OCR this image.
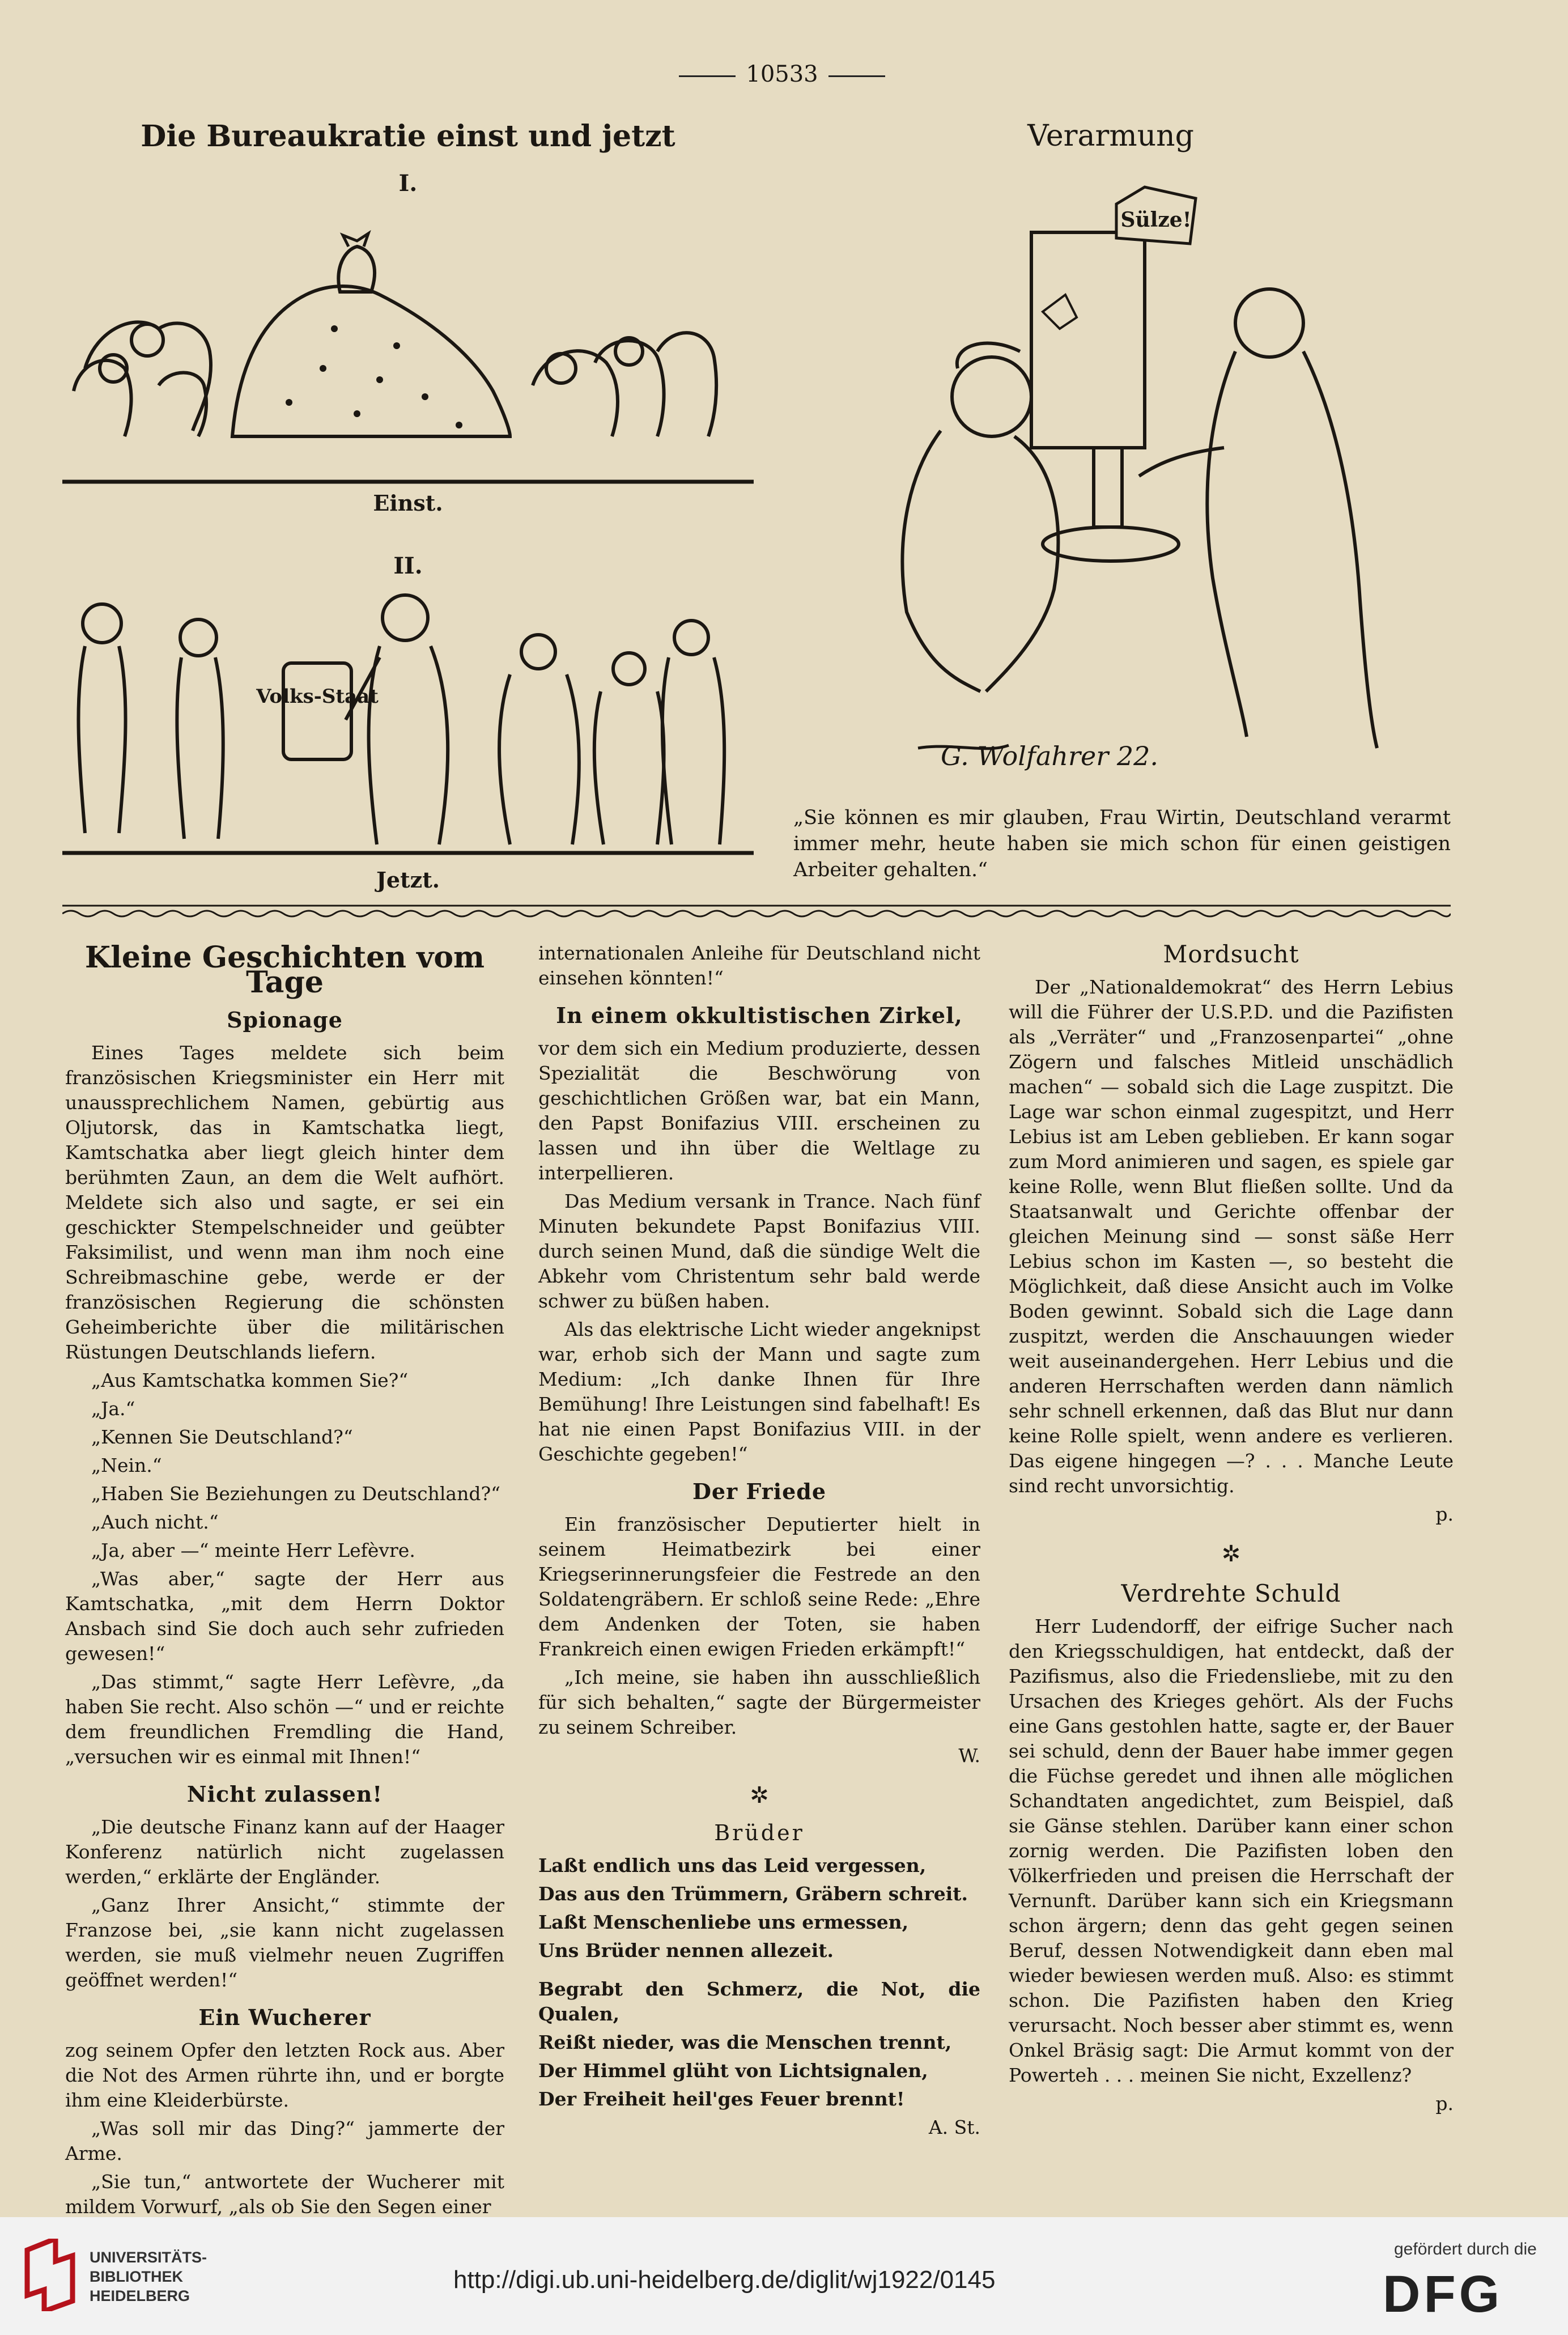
10533
Die Bureaukratie einst und jetzt
I.
Einst.
II.
Volks-Staat
Jetzt.
Verarmung
Sülze!
G. Wolfahrer 22.
„Sie können es mir glauben, Frau Wirtin, Deutschland verarmt immer mehr, heute haben sie mich schon für einen geistigen Arbeiter gehalten.“
Kleine Geschichten vom Tage
Spionage

Eines Tages meldete sich beim französischen Kriegsminister ein Herr mit unaussprechlichem Namen, gebürtig aus Oljutorsk, das in Kamtschatka liegt, Kamtschatka aber liegt gleich hinter dem berühmten Zaun, an dem die Welt aufhört. Meldete sich also und sagte, er sei ein geschickter Stempelschneider und geübter Faksimilist, und wenn man ihm noch eine Schreibmaschine gebe, werde er der französischen Regierung die schönsten Geheimberichte über die militärischen Rüstungen Deutschlands liefern.

„Aus Kamtschatka kommen Sie?“

„Ja.“

„Kennen Sie Deutschland?“

„Nein.“

„Haben Sie Beziehungen zu Deutschland?“

„Auch nicht.“

„Ja, aber —“ meinte Herr Lefèvre.

„Was aber,“ sagte der Herr aus Kamtschatka, „mit dem Herrn Doktor Ansbach sind Sie doch auch sehr zufrieden gewesen!“

„Das stimmt,“ sagte Herr Lefèvre, „da haben Sie recht. Also schön —“ und er reichte dem freundlichen Fremdling die Hand, „versuchen wir es einmal mit Ihnen!“

Nicht zulassen!

„Die deutsche Finanz kann auf der Haager Konferenz natürlich nicht zugelassen werden,“ erklärte der Engländer.

„Ganz Ihrer Ansicht,“ stimmte der Franzose bei, „sie kann nicht zugelassen werden, sie muß vielmehr neuen Zugriffen geöffnet werden!“

Ein Wucherer

zog seinem Opfer den letzten Rock aus. Aber die Not des Armen rührte ihn, und er borgte ihm eine Kleiderbürste.

„Was soll mir das Ding?“ jammerte der Arme.

„Sie tun,“ antwortete der Wucherer mit mildem Vorwurf, „als ob Sie den Segen einer

internationalen Anleihe für Deutschland nicht einsehen könnten!“

In einem okkultistischen Zirkel,

vor dem sich ein Medium produzierte, dessen Spezialität die Beschwörung von geschichtlichen Größen war, bat ein Mann, den Papst Bonifazius VIII. erscheinen zu lassen und ihn über die Weltlage zu interpellieren.

Das Medium versank in Trance. Nach fünf Minuten bekundete Papst Bonifazius VIII. durch seinen Mund, daß die sündige Welt die Abkehr vom Christentum sehr bald werde schwer zu büßen haben.

Als das elektrische Licht wieder angeknipst war, erhob sich der Mann und sagte zum Medium: „Ich danke Ihnen für Ihre Bemühung! Ihre Leistungen sind fabelhaft! Es hat nie einen Papst Bonifazius VIII. in der Geschichte gegeben!“

Der Friede

Ein französischer Deputierter hielt in seinem Heimatbezirk bei einer Kriegserinnerungsfeier die Festrede an den Soldatengräbern. Er schloß seine Rede: „Ehre dem Andenken der Toten, sie haben Frankreich einen ewigen Frieden erkämpft!“

„Ich meine, sie haben ihn ausschließlich für sich behalten,“ sagte der Bürgermeister zu seinem Schreiber.

W.

✲
Brüder

Laßt endlich uns das Leid vergessen,

Das aus den Trümmern, Gräbern schreit.

Laßt Menschenliebe uns ermessen,

Uns Brüder nennen allezeit.

Begrabt den Schmerz, die Not, die Qualen,

Reißt nieder, was die Menschen trennt,

Der Himmel glüht von Lichtsignalen,

Der Freiheit heil'ges Feuer brennt!

A. St.

Mordsucht

Der „Nationaldemokrat“ des Herrn Lebius will die Führer der U.S.P.D. und die Pazifisten als „Verräter“ und „Franzosenpartei“ „ohne Zögern und falsches Mitleid unschädlich machen“ — sobald sich die Lage zuspitzt. Die Lage war schon einmal zugespitzt, und Herr Lebius ist am Leben geblieben. Er kann sogar zum Mord animieren und sagen, es spiele gar keine Rolle, wenn Blut fließen sollte. Und da Staatsanwalt und Gerichte offenbar der gleichen Meinung sind — sonst säße Herr Lebius schon im Kasten —, so besteht die Möglichkeit, daß diese Ansicht auch im Volke Boden gewinnt. Sobald sich die Lage dann zuspitzt, werden die Anschauungen wieder weit auseinandergehen. Herr Lebius und die anderen Herrschaften werden dann nämlich sehr schnell erkennen, daß das Blut nur dann keine Rolle spielt, wenn andere es verlieren. Das eigene hingegen —? . . . Manche Leute sind recht unvorsichtig.

p.

✲
Verdrehte Schuld

Herr Ludendorff, der eifrige Sucher nach den Kriegsschuldigen, hat entdeckt, daß der Pazifismus, also die Friedensliebe, mit zu den Ursachen des Krieges gehört. Als der Fuchs eine Gans gestohlen hatte, sagte er, der Bauer sei schuld, denn der Bauer habe immer gegen die Füchse geredet und ihnen alle möglichen Schandtaten angedichtet, zum Beispiel, daß sie Gänse stehlen. Darüber kann einer schon zornig werden. Die Pazifisten loben den Völkerfrieden und preisen die Herrschaft der Vernunft. Darüber kann sich ein Kriegsmann schon ärgern; denn das geht gegen seinen Beruf, dessen Notwendigkeit dann eben mal wieder bewiesen werden muß. Also: es stimmt schon. Die Pazifisten haben den Krieg verursacht. Noch besser aber stimmt es, wenn Onkel Bräsig sagt: Die Armut kommt von der Powerteh . . . meinen Sie nicht, Exzellenz?

p.

UNIVERSITÄTS-
BIBLIOTHEK
HEIDELBERG
http://digi.ub.uni-heidelberg.de/diglit/wj1922/0145
gefördert durch die
DFG
